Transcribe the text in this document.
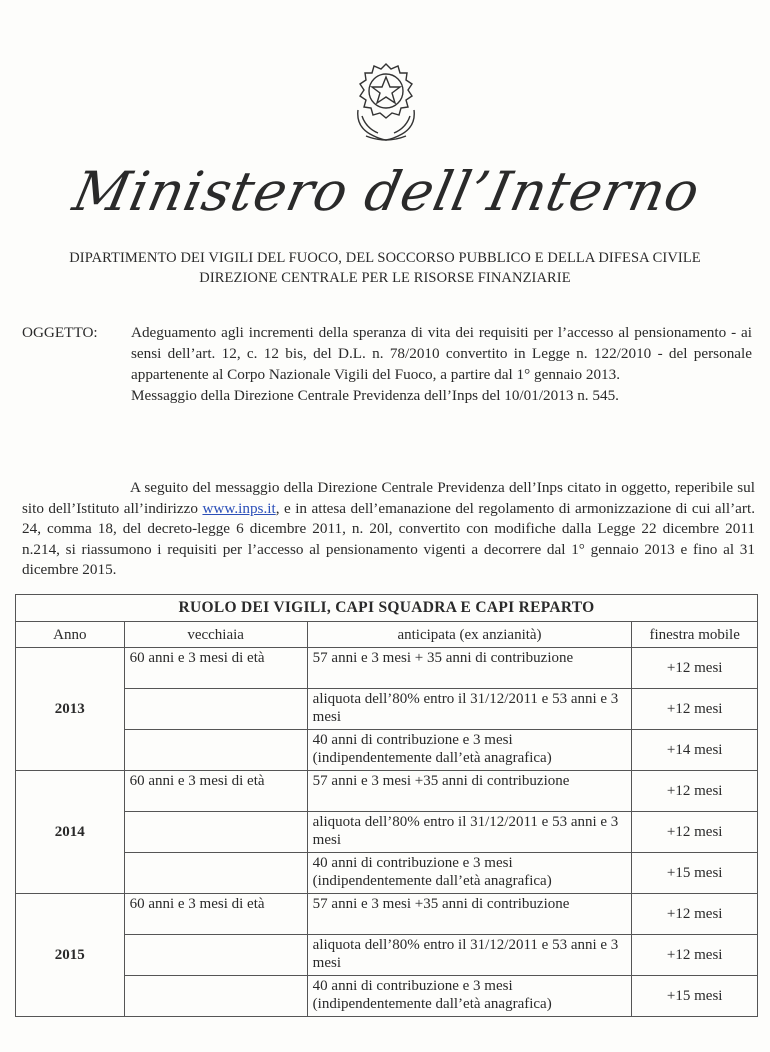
Ministero dell’Interno
DIPARTIMENTO DEI VIGILI DEL FUOCO, DEL SOCCORSO PUBBLICO E DELLA DIFESA CIVILE
DIREZIONE CENTRALE PER LE RISORSE FINANZIARIE
OGGETTO: Adeguamento agli incrementi della speranza di vita dei requisiti per l’accesso al pensionamento - ai sensi dell’art. 12, c. 12 bis, del D.L. n. 78/2010 convertito in Legge n. 122/2010 - del personale appartenente al Corpo Nazionale Vigili del Fuoco, a partire dal 1° gennaio 2013.
Messaggio della Direzione Centrale Previdenza dell’Inps del 10/01/2013 n. 545.
A seguito del messaggio della Direzione Centrale Previdenza dell’Inps citato in oggetto, reperibile sul sito dell’Istituto all’indirizzo www.inps.it, e in attesa dell’emanazione del regolamento di armonizzazione di cui all’art. 24, comma 18, del decreto-legge 6 dicembre 2011, n. 20l, convertito con modifiche dalla Legge 22 dicembre 2011 n.214, si riassumono i requisiti per l’accesso al pensionamento vigenti a decorrere dal 1° gennaio 2013 e fino al 31 dicembre 2015.
RUOLO DEI VIGILI, CAPI SQUADRA E CAPI REPARTO			
Anno	vecchiaia	anticipata (ex anzianità)	finestra mobile
2013	60 anni e 3 mesi di età	57 anni e 3 mesi + 35 anni di contribuzione	+12 mesi
		aliquota dell’80% entro il 31/12/2011 e 53 anni e 3 mesi	+12 mesi
		40 anni di contribuzione e 3 mesi (indipendentemente dall’età anagrafica)	+14 mesi
2014	60 anni e 3 mesi di età	57 anni e 3 mesi +35 anni di contribuzione	+12 mesi
		aliquota dell’80% entro il 31/12/2011 e 53 anni e 3 mesi	+12 mesi
		40 anni di contribuzione e 3 mesi (indipendentemente dall’età anagrafica)	+15 mesi
2015	60 anni e 3 mesi di età	57 anni e 3 mesi +35 anni di contribuzione	+12 mesi
		aliquota dell’80% entro il 31/12/2011 e 53 anni e 3 mesi	+12 mesi
		40 anni di contribuzione e 3 mesi (indipendentemente dall’età anagrafica)	+15 mesi
